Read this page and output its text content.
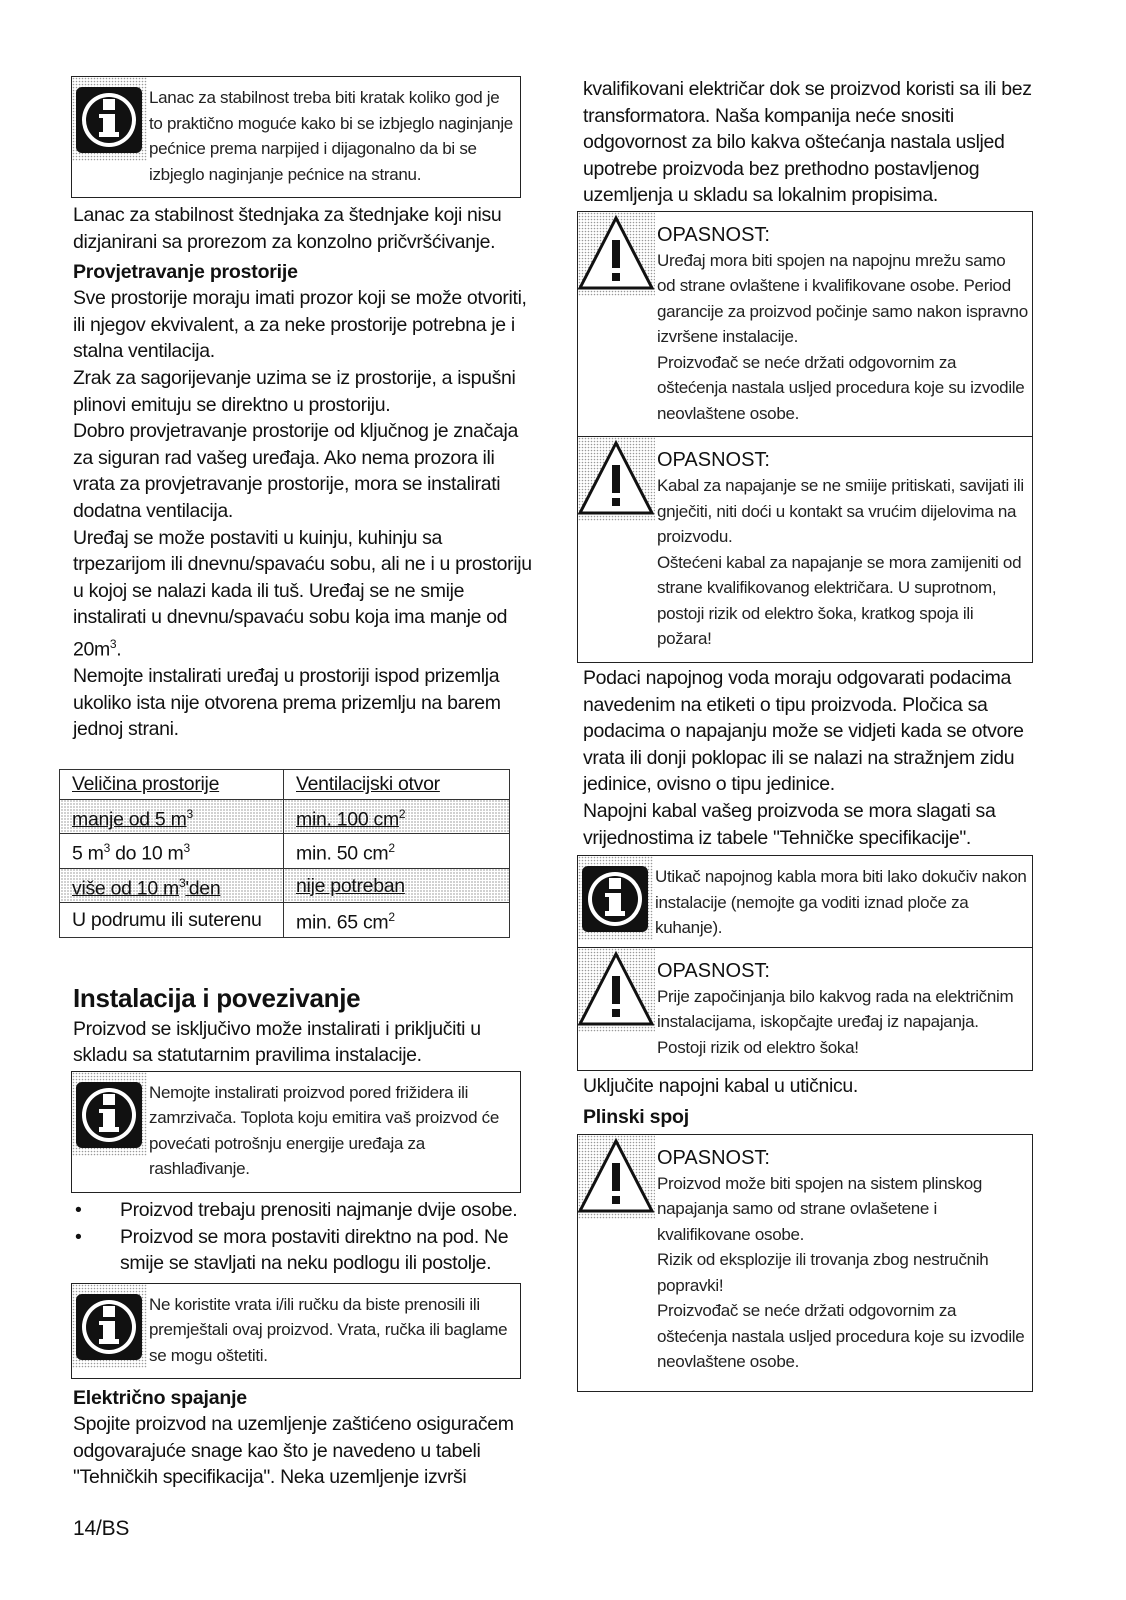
Lanac za stabilnost treba biti kratak koliko god je to praktično moguće kako bi se izbjeglo naginjanje pećnice prema narpijed i dijagonalno da bi se izbjeglo naginjanje pećnice na stranu.

Lanac za stabilnost štednjaka za štednjake koji nisu dizjanirani sa prorezom za konzolno pričvršćivanje.

Provjetravanje prostorije

Sve prostorije moraju imati prozor koji se može otvoriti, ili njegov ekvivalent, a za neke prostorije potrebna je i stalna ventilacija.

Zrak za sagorijevanje uzima se iz prostorije, a ispušni plinovi emituju se direktno u prostoriju.

Dobro provjetravanje prostorije od ključnog je značaja za siguran rad vašeg uređaja. Ako nema prozora ili vrata za provjetravanje prostorije, mora se instalirati dodatna ventilacija.

Uređaj se može postaviti u kuinju, kuhinju sa trpezarijom ili dnevnu/spavaću sobu, ali ne i u prostoriju u kojoj se nalazi kada ili tuš. Uređaj se ne smije instalirati u dnevnu/spavaću sobu koja ima manje od $20m^3$.

Nemojte instalirati uređaj u prostoriji ispod prizemlja ukoliko ista nije otvorena prema prizemlju na barem jednoj strani.

Veličina prostorije	Ventilacijski otvor
manje od 5 $m^3$	min. 100 $cm^2$
5 $m^3$ do 10 $m^3$	min. 50 $cm^2$
više od 10 $m^3'den$	nije potreban
U podrumu ili suterenu	min. 65 $cm^2$
Instalacija i povezivanje

Proizvod se isključivo može instalirati i priključiti u skladu sa statutarnim pravilima instalacije.

Nemojte instalirati proizvod pored frižidera ili zamrzivača. Toplota koju emitira vaš proizvod će povećati potrošnju energije uređaja za rashlađivanje.
• Proizvod trebaju prenositi najmanje dvije osobe.
• Proizvod se mora postaviti direktno na pod. Ne smije se stavljati na neku podlogu ili postolje.
Ne koristite vrata i/ili ručku da biste prenosili ili premještali ovaj proizvod. Vrata, ručka ili baglame se mogu oštetiti.
Električno spajanje

Spojite proizvod na uzemljenje zaštićeno osiguračem odgovarajuće snage kao što je navedeno u tabeli "Tehničkih specifikacija". Neka uzemljenje izvrši

kvalifikovani električar dok se proizvod koristi sa ili bez transformatora. Naša kompanija neće snositi odgovornost za bilo kakva oštećanja nastala usljed upotrebe proizvoda bez prethodno postavljenog uzemljenja u skladu sa lokalnim propisima.

OPASNOST:
Uređaj mora biti spojen na napojnu mrežu samo od strane ovlaštene i kvalifikovane osobe. Period garancije za proizvod počinje samo nakon ispravno izvršene instalacije.
Proizvođač se neće držati odgovornim za oštećenja nastala usljed procedura koje su izvodile neovlaštene osobe.
OPASNOST:
Kabal za napajanje se ne smiije pritiskati, savijati ili gnječiti, niti doći u kontakt sa vrućim dijelovima na proizvodu.
Oštećeni kabal za napajanje se mora zamijeniti od strane kvalifikovanog električara. U suprotnom, postoji rizik od elektro šoka, kratkog spoja ili požara!

Podaci napojnog voda moraju odgovarati podacima navedenim na etiketi o tipu proizvoda. Pločica sa podacima o napajanju može se vidjeti kada se otvore vrata ili donji poklopac ili se nalazi na stražnjem zidu jedinice, ovisno o tipu jedinice.

Napojni kabal vašeg proizvoda se mora slagati sa vrijednostima iz tabele "Tehničke specifikacije".

Utikač napojnog kabla mora biti lako dokučiv nakon instalacije (nemojte ga voditi iznad ploče za kuhanje).
OPASNOST:
Prije započinjanja bilo kakvog rada na električnim instalacijama, iskopčajte uređaj iz napajanja.
Postoji rizik od elektro šoka!

Uključite napojni kabal u utičnicu.

Plinski spoj
OPASNOST:
Proizvod može biti spojen na sistem plinskog napajanja samo od strane ovlašetene i kvalifikovane osobe.
Rizik od eksplozije ili trovanja zbog nestručnih popravki!
Proizvođač se neće držati odgovornim za oštećenja nastala usljed procedura koje su izvodile neovlaštene osobe.
14/BS
